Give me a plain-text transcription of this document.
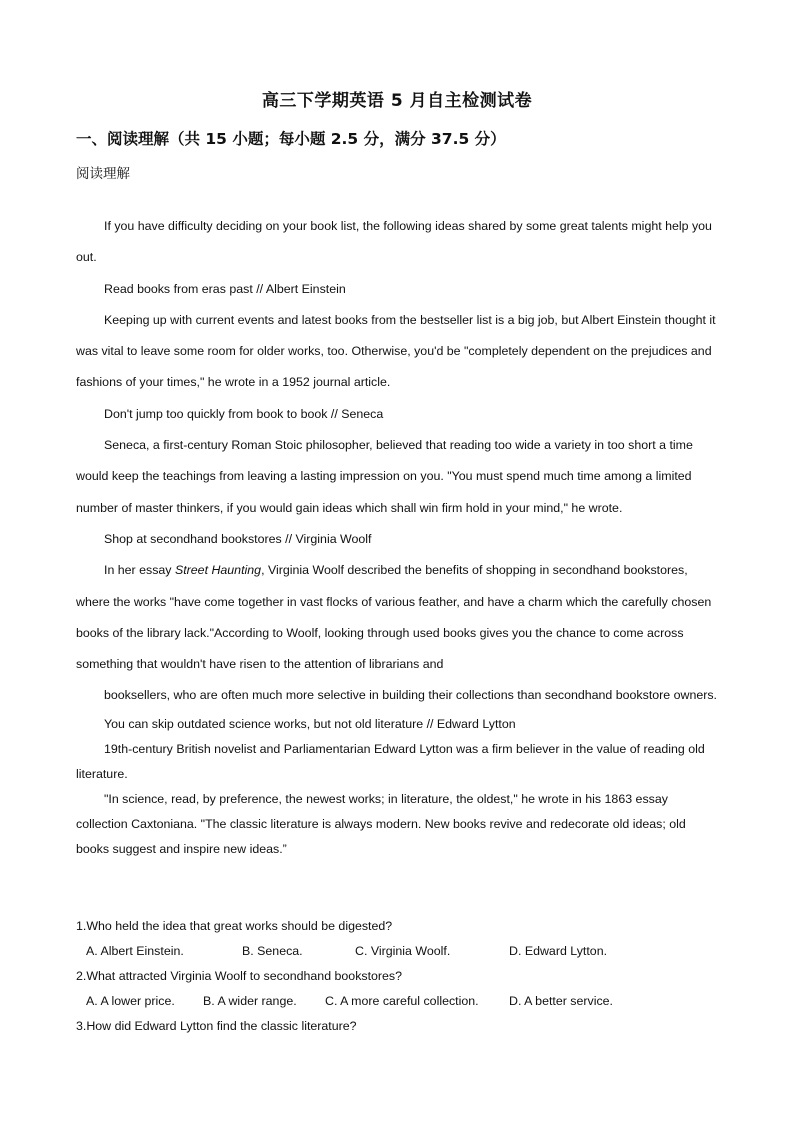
高三下学期英语 5 月自主检测试卷
一、阅读理解（共 15 小题；每小题 2.5 分，满分 37.5 分）
阅读理解

If you have difficulty deciding on your book list, the following ideas shared by some great talents might help you out.

Read books from eras past // Albert Einstein

Keeping up with current events and latest books from the bestseller list is a big job, but Albert Einstein thought it was vital to leave some room for older works, too. Otherwise, you'd be "completely dependent on the prejudices and fashions of your times," he wrote in a 1952 journal article.

Don't jump too quickly from book to book // Seneca

Seneca, a first-century Roman Stoic philosopher, believed that reading too wide a variety in too short a time would keep the teachings from leaving a lasting impression on you. "You must spend much time among a limited number of master thinkers, if you would gain ideas which shall win firm hold in your mind," he wrote.

Shop at secondhand bookstores // Virginia Woolf

In her essay Street Haunting, Virginia Woolf described the benefits of shopping in secondhand bookstores, where the works "have come together in vast flocks of various feather, and have a charm which the carefully chosen books of the library lack."According to Woolf, looking through used books gives you the chance to come across something that wouldn't have risen to the attention of librarians and

booksellers, who are often much more selective in building their collections than secondhand bookstore owners.

You can skip outdated science works, but not old literature // Edward Lytton

19th-century British novelist and Parliamentarian Edward Lytton was a firm believer in the value of reading old literature.

"In science, read, by preference, the newest works; in literature, the oldest," he wrote in his 1863 essay collection Caxtoniana. "The classic literature is always modern. New books revive and redecorate old ideas; old books suggest and inspire new ideas.”

1.Who held the idea that great works should be digested?

A. Albert Einstein.	B. Seneca.	C. Virginia Woolf.	D. Edward Lytton.

2.What attracted Virginia Woolf to secondhand bookstores?

A. A lower price.	B. A wider range.	C. A more careful collection.	D. A better service.

3.How did Edward Lytton find the classic literature?
